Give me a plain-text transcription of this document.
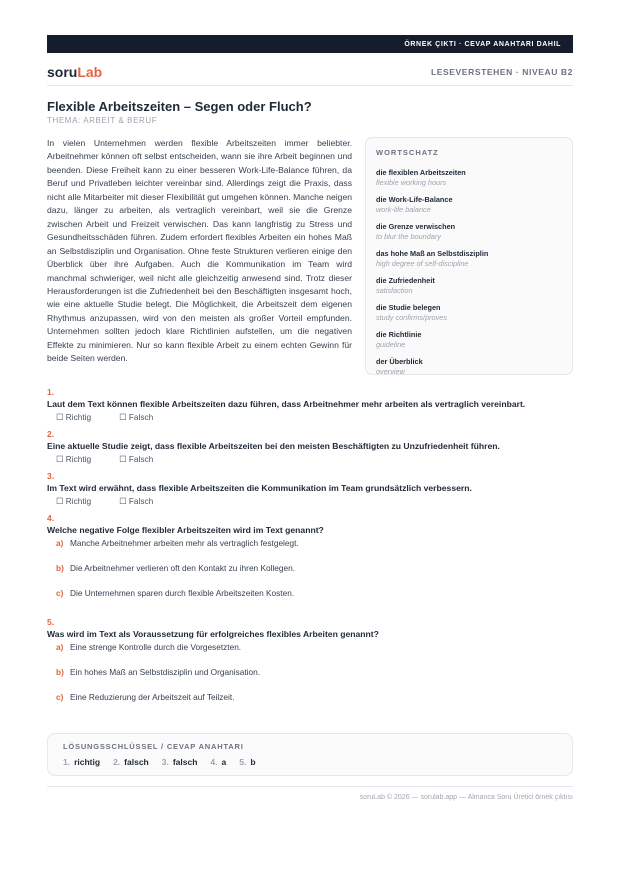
ÖRNEK ÇIKTI · CEVAP ANAHTARI DAHIL
soruLab	LESEVERSTEHEN · NIVEAU B2
Flexible Arbeitszeiten – Segen oder Fluch?
THEMA: ARBEIT & BERUF

In vielen Unternehmen werden flexible Arbeitszeiten immer beliebter. Arbeitnehmer können oft selbst entscheiden, wann sie ihre Arbeit beginnen und beenden. Diese Freiheit kann zu einer besseren Work-Life-Balance führen, da Beruf und Privatleben leichter vereinbar sind. Allerdings zeigt die Praxis, dass nicht alle Mitarbeiter mit dieser Flexibilität gut umgehen können. Manche neigen dazu, länger zu arbeiten, als vertraglich vereinbart, weil sie die Grenze zwischen Arbeit und Freizeit verwischen. Das kann langfristig zu Stress und Gesundheitsschäden führen. Zudem erfordert flexibles Arbeiten ein hohes Maß an Selbstdisziplin und Organisation. Ohne feste Strukturen verlieren einige den Überblick über ihre Aufgaben. Auch die Kommunikation im Team wird manchmal schwieriger, weil nicht alle gleichzeitig anwesend sind. Trotz dieser Herausforderungen ist die Zufriedenheit bei den Beschäftigten insgesamt hoch, wie eine aktuelle Studie belegt. Die Möglichkeit, die Arbeitszeit dem eigenen Rhythmus anzupassen, wird von den meisten als großer Vorteil empfunden. Unternehmen sollten jedoch klare Richtlinien aufstellen, um die negativen Effekte zu minimieren. Nur so kann flexible Arbeit zu einem echten Gewinn für beide Seiten werden.

WORTSCHATZ
die flexiblen Arbeitszeiten
flexible working hours
die Work-Life-Balance
work-life balance
die Grenze verwischen
to blur the boundary
das hohe Maß an Selbstdisziplin
high degree of self-discipline
die Zufriedenheit
satisfaction
die Studie belegen
study confirms/proves
die Richtlinie
guideline
der Überblick
overview
1.
Laut dem Text können flexible Arbeitszeiten dazu führen, dass Arbeitnehmer mehr arbeiten als vertraglich vereinbart.
☐ Richtig	☐ Falsch
2.
Eine aktuelle Studie zeigt, dass flexible Arbeitszeiten bei den meisten Beschäftigten zu Unzufriedenheit führen.
☐ Richtig	☐ Falsch
3.
Im Text wird erwähnt, dass flexible Arbeitszeiten die Kommunikation im Team grundsätzlich verbessern.
☐ Richtig	☐ Falsch
4.
Welche negative Folge flexibler Arbeitszeiten wird im Text genannt?
a) Manche Arbeitnehmer arbeiten mehr als vertraglich festgelegt.
b) Die Arbeitnehmer verlieren oft den Kontakt zu ihren Kollegen.
c) Die Unternehmen sparen durch flexible Arbeitszeiten Kosten.
5.
Was wird im Text als Voraussetzung für erfolgreiches flexibles Arbeiten genannt?
a) Eine strenge Kontrolle durch die Vorgesetzten.
b) Ein hohes Maß an Selbstdisziplin und Organisation.
c) Eine Reduzierung der Arbeitszeit auf Teilzeit.
LÖSUNGSSCHLÜSSEL / CEVAP ANAHTARI
1. richtig 2. falsch 3. falsch 4. a 5. b
soruLab © 2026 — sorulab.app — Almanca Soru Üretici örnek çıktısı
